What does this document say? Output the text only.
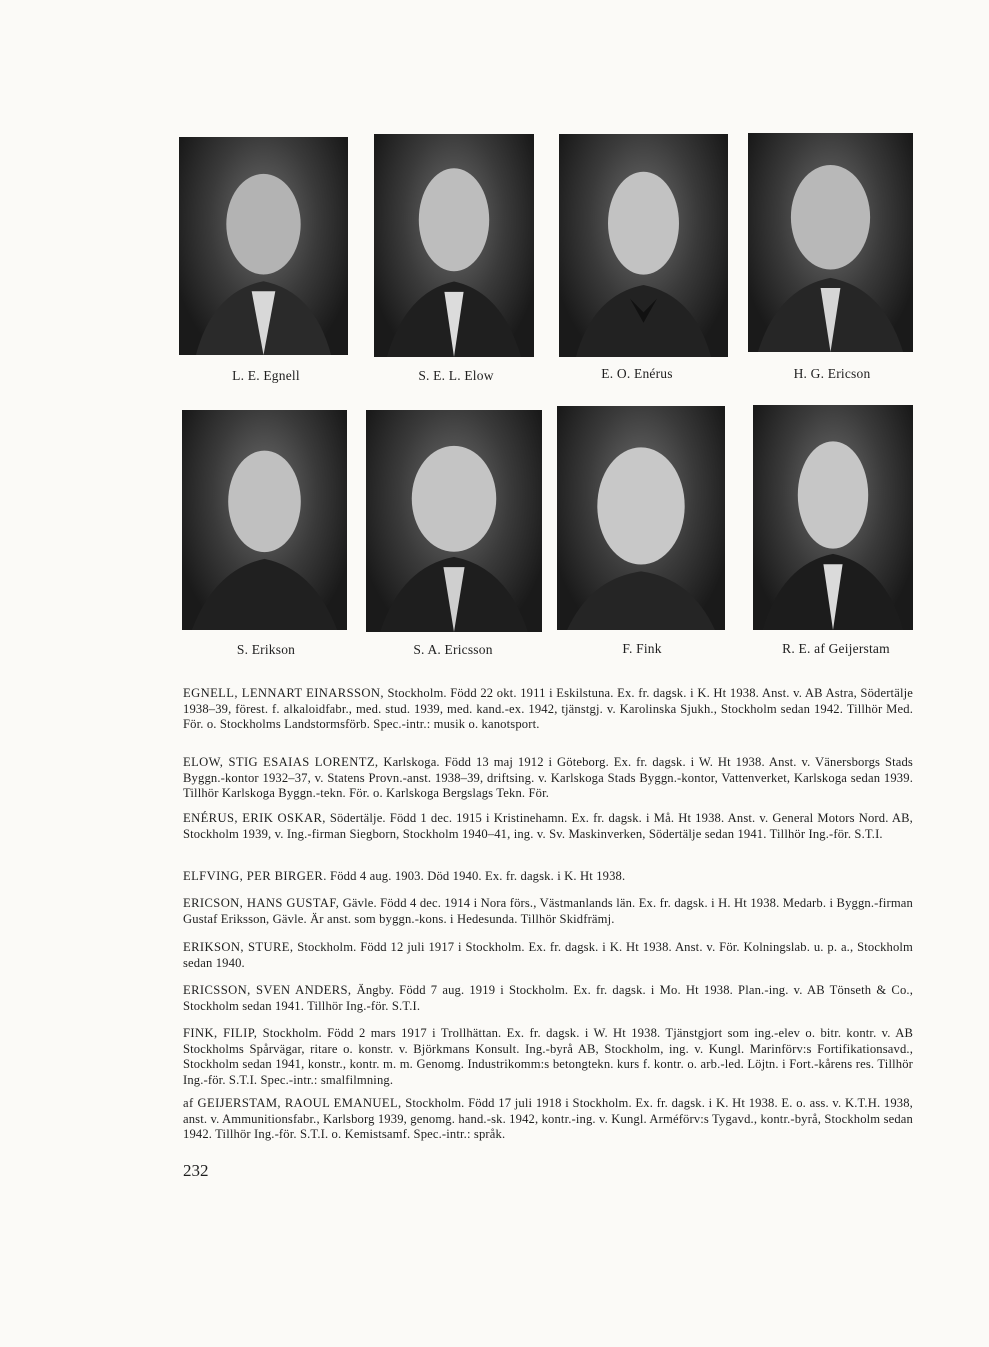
L. E. Egnell	S. E. L. Elow	E. O. Enérus	H. G. Ericson
S. Erikson	S. A. Ericsson	F. Fink	R. E. af Geijerstam
EGNELL, LENNART EINARSSON, Stockholm. Född 22 okt. 1911 i Eskilstuna. Ex. fr. dagsk. i K. Ht 1938. Anst. v. AB Astra, Södertälje 1938–39, förest. f. alkaloidfabr., med. stud. 1939, med. kand.-ex. 1942, tjänstgj. v. Karolinska Sjukh., Stockholm sedan 1942. Tillhör Med. För. o. Stockholms Landstormsförb. Spec.-intr.: musik o. kanotsport.
ELOW, STIG ESAIAS LORENTZ, Karlskoga. Född 13 maj 1912 i Göteborg. Ex. fr. dagsk. i W. Ht 1938. Anst. v. Vänersborgs Stads Byggn.-kontor 1932–37, v. Statens Provn.-anst. 1938–39, driftsing. v. Karlskoga Stads Byggn.-kontor, Vattenverket, Karlskoga sedan 1939. Tillhör Karlskoga Byggn.-tekn. För. o. Karlskoga Bergslags Tekn. För.
ENÉRUS, ERIK OSKAR, Södertälje. Född 1 dec. 1915 i Kristinehamn. Ex. fr. dagsk. i Må. Ht 1938. Anst. v. General Motors Nord. AB, Stockholm 1939, v. Ing.-firman Siegborn, Stockholm 1940–41, ing. v. Sv. Maskinverken, Södertälje sedan 1941. Tillhör Ing.-för. S.T.I.
ELFVING, PER BIRGER. Född 4 aug. 1903. Död 1940. Ex. fr. dagsk. i K. Ht 1938.
ERICSON, HANS GUSTAF, Gävle. Född 4 dec. 1914 i Nora förs., Västmanlands län. Ex. fr. dagsk. i H. Ht 1938. Medarb. i Byggn.-firman Gustaf Eriksson, Gävle. Är anst. som byggn.-kons. i Hedesunda. Tillhör Skidfrämj.
ERIKSON, STURE, Stockholm. Född 12 juli 1917 i Stockholm. Ex. fr. dagsk. i K. Ht 1938. Anst. v. För. Kolningslab. u. p. a., Stockholm sedan 1940.
ERICSSON, SVEN ANDERS, Ängby. Född 7 aug. 1919 i Stockholm. Ex. fr. dagsk. i Mo. Ht 1938. Plan.-ing. v. AB Tönseth & Co., Stockholm sedan 1941. Tillhör Ing.-för. S.T.I.
FINK, FILIP, Stockholm. Född 2 mars 1917 i Trollhättan. Ex. fr. dagsk. i W. Ht 1938. Tjänstgjort som ing.-elev o. bitr. kontr. v. AB Stockholms Spårvägar, ritare o. konstr. v. Björkmans Konsult. Ing.-byrå AB, Stockholm, ing. v. Kungl. Marinförv:s Fortifikationsavd., Stockholm sedan 1941, konstr., kontr. m. m. Genomg. Industrikomm:s betongtekn. kurs f. kontr. o. arb.-led. Löjtn. i Fort.-kårens res. Tillhör Ing.-för. S.T.I. Spec.-intr.: smalfilmning.
af GEIJERSTAM, RAOUL EMANUEL, Stockholm. Född 17 juli 1918 i Stockholm. Ex. fr. dagsk. i K. Ht 1938. E. o. ass. v. K.T.H. 1938, anst. v. Ammunitionsfabr., Karlsborg 1939, genomg. hand.-sk. 1942, kontr.-ing. v. Kungl. Arméförv:s Tygavd., kontr.-byrå, Stockholm sedan 1942. Tillhör Ing.-för. S.T.I. o. Kemistsamf. Spec.-intr.: språk.
232
